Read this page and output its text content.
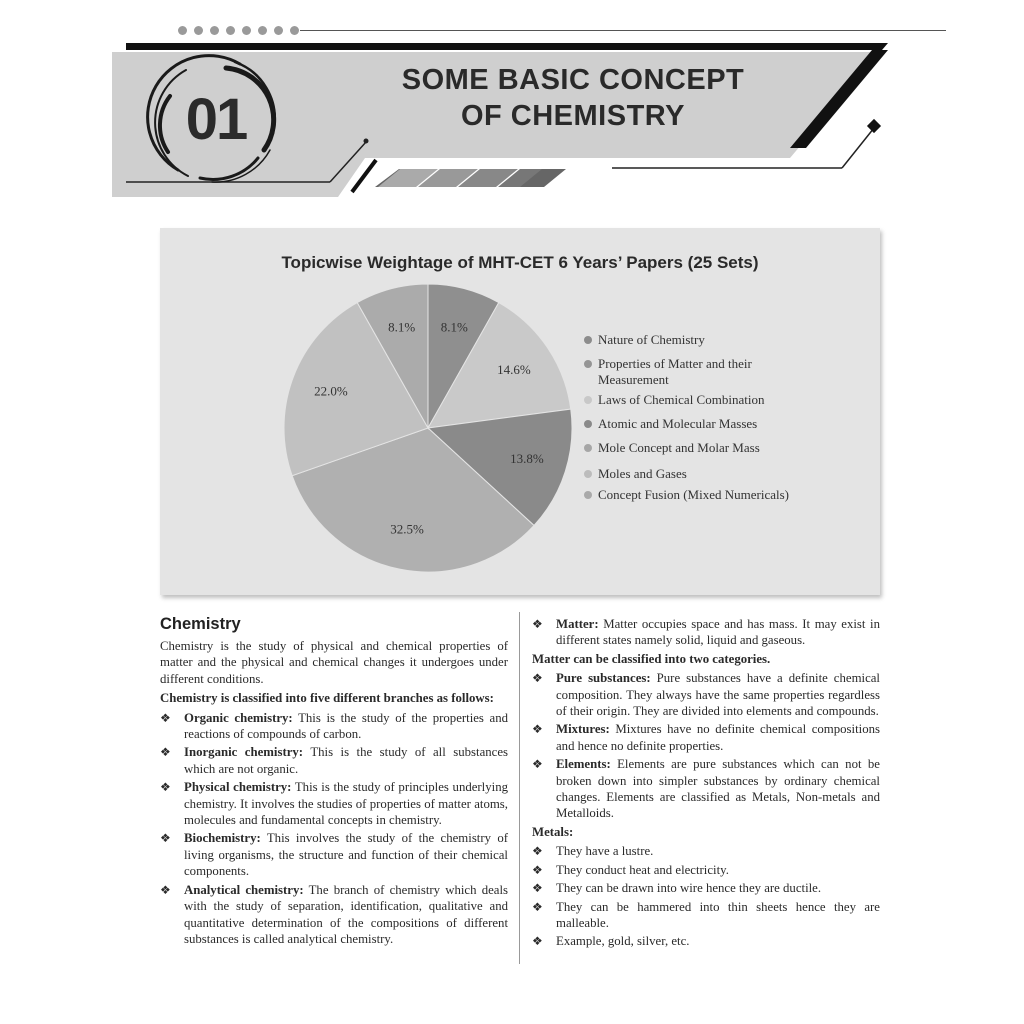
01
SOME BASIC CONCEPT
OF CHEMISTRY
Topicwise Weightage of MHT-CET 6 Years’ Papers (25 Sets)
8.1%
14.6%
13.8%
32.5%
22.0%
8.1%
Nature of Chemistry
Properties of Matter and their
Measurement
Laws of Chemical Combination
Atomic and Molecular Masses
Mole Concept and Molar Mass
Moles and Gases
Concept Fusion (Mixed Numericals)
Chemistry

Chemistry is the study of physical and chemical properties of matter and the physical and chemical changes it undergoes under different conditions.

Chemistry is classified into five different branches as follows:

❖ Organic chemistry: This is the study of the properties and reactions of compounds of carbon.
❖ Inorganic chemistry: This is the study of all substances which are not organic.
❖ Physical chemistry: This is the study of principles underlying chemistry. It involves the studies of properties of matter atoms, molecules and fundamental concepts in chemistry.
❖ Biochemistry: This involves the study of the chemistry of living organisms, the structure and function of their chemical components.
❖ Analytical chemistry: The branch of chemistry which deals with the study of separation, identification, qualitative and quantitative determination of the compositions of different substances is called analytical chemistry.
❖ Matter: Matter occupies space and has mass. It may exist in different states namely solid, liquid and gaseous.

Matter can be classified into two categories.

❖ Pure substances: Pure substances have a definite chemical composition. They always have the same properties regardless of their origin. They are divided into elements and compounds.
❖ Mixtures: Mixtures have no definite chemical compositions and hence no definite properties.
❖ Elements: Elements are pure substances which can not be broken down into simpler substances by ordinary chemical changes. Elements are classified as Metals, Non-metals and Metalloids.

Metals:

❖ They have a lustre.
❖ They conduct heat and electricity.
❖ They can be drawn into wire hence they are ductile.
❖ They can be hammered into thin sheets hence they are malleable.
❖ Example, gold, silver, etc.
